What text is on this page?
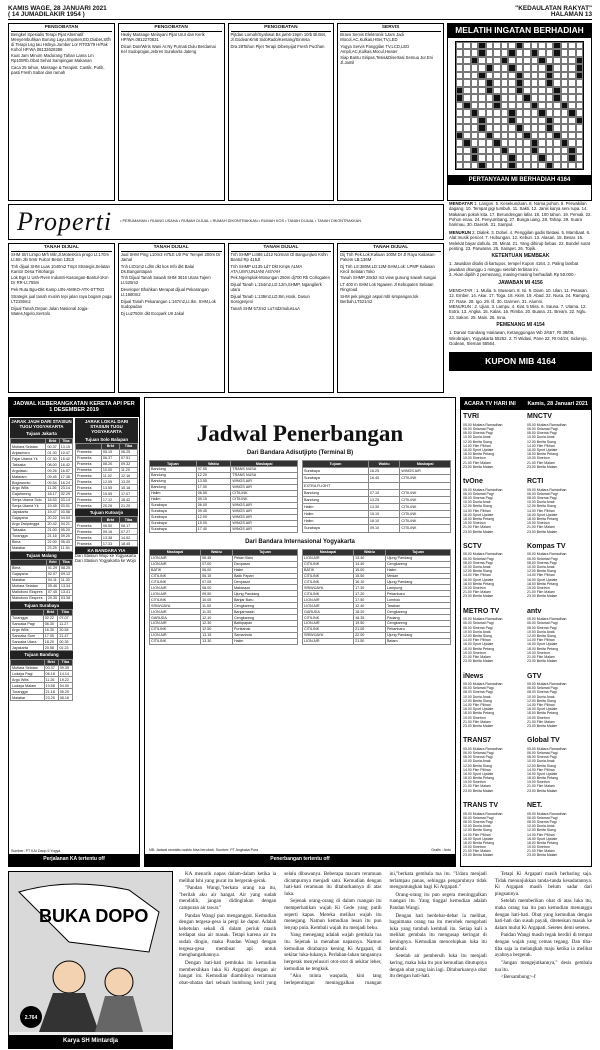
KAMIS WAGE, 28 JANUARI 2021
( 14 JUMADILAKIR 1954 )
"KEDAULATAN RAKYAT"
HALAMAN 13
PENGOBATAN

Bengkel Spesialis Terapi Pijat Alternatif Menyembuhkan Burung Layu,Impoten,ED,Diabet,Stfh di Terapi Lsg tau Hslnya.Jomber Lor RT03/79 H/Pak Kohol HP.WA 08132628286

Kuat Jam Minum Madurang Tahan Lama Lm Rp100Rb.Obat Sehat Sampingan Makanan

Caca 25 tahun, Massage & Terapist. Cantik, Putih, pasti Fresh Sabar dan ramah

PENGOBATAN

Healy Massage Melayani Pijat Urut dan Kerik HP/WA.0812270631

Dicari Dan/Wiris Wani Ar.Ny Purnati Dulu Berdamai Kel Sudoprajan,Jebres Surakarta Jateng

PENGOBATAN

Pijtdan Lomah/Syahwat Bs jam6-19pm 10rb Bl.Bss, Jl.GodeanKm8 SidoRado/Kentang/Sinmsa

Dra 28Tahun Pijet Terapi Dibenpijat Fresh Pucthan

SERVIS

Bravo Servis Elektronik 1Jam Jadi Mocol,AC,Kulkas,Htter,TV,LED

Yogya Servis Panggilan TV,LCD,LED Ampli,AC,Kulkas,Mocul,Heater

Siap Bantu Siripas,Tesis&Disertasi Semua Jur.Eni Jl.Jamil

MELATIH INGATAN BERHADIAH
PERTANYAAN MI BERHADIAH 4164
Properti	• PERUMAHAN • RUANG USAHA • RUMAH DIJUAL • RUMAH DIKONTRAKKAN • RUMAH KOS • TANAH DIJUAL • TANAH DIKONTRAKKAN
TANAH DIJUAL

SHM Strt Limpo Mrh Mlir,Jl.MotesKira progo Lt.170m Lt.8m Jln 5mtr Fulcor Beton 135Jt

Tnh dijual SHM Luas 1040m2 Tmpt Strategis,Selatan Kantor Desa Tirtohargo

Lok Bgs U Ush-Rven Industri-Kasongan-Bantul-1Km Dr RR-Lt.755m

Pek Ruta Bgu-Dkt Kamp.UIN-AMIKO-ATK-STTKD

Strategis jual tanah murah tepi jalan raya bogam puga LT2159m2

Dijual Tanah,Depan Jalan Nasional Jogja-Wates,Ngelo,Sentolo

TANAH DIJUAL

Jual SHM Ping L10m3 H75Jt Utr Psr Tempel 200m Dr Jamal

Tnh LtO1m2 Ldlm dkt kos Info dkt Balai Ds.Banguntapan

Tnh Dijual Tanah Sawah SHM 3616 Utara Tajem Lt.525m2

Developer Bhahkan Merapat dijual Pekarangan Lt.1680m2

Dijual Tanah Pekarangan L:167m2,Lt.Ikn. SHM,Lok Sudopadan

Dj Lu2750m dkt Ecopark UII Jakal

TANAH DIJUAL

Tnh SHMP LI486 Ld12 Norman Dl Bangunjiwo Kshn Bantul Rp 415Jt

Tnh SHMP Lt135 Ld7 Dkt Kmps ALMA ATA,UMY,UNJANI AISYAH

Pek.Ngemplak-Mosongan 250m dj700 Rb Colrogaten

Dijual Tanah L:154m2,LD:12m,SHMP, Ngangilerk utara

Dijual Tanah L:139m2,LD:8m,Hook, Dusun Sorogenjeni

Tanah SHM 572m2 Lu74d2mulusLuA

TANAH DIJUAL

Dij Tnh Pek.Lok:Kaliuan 100M Dr Jl Raya Kaliasan-Pakem LB:136M

Dj Tnh LS:380M,LD:12M-SHM,Lok: LPMP Kalasan Kecil Selatan Toko

Tanah SHMP 28x52 m2 view gunung sawah sungai

LT 400 m SHM Lok Ngawen Jl Kebupaten Selatan Ringroad

SHM pek pinggir aspal mbl simpangan,lok Berbah,LT521m2

MENDATAR 1. Langon. 5. Kesekunduan. 8. Nama pohon. 9. Perwakilan dagang. 10. Tempat gigi tumbuh. 11. Sakti. 12. Janis karya seni rupa. 14. Makanan pokok kita. 17. Berundengan lafar. 18. 100 tahun. 19. Pemali. 22. Pohon enau. 24. Penyumbang. 27. Bunga uang. 28. Tahap. 29. Suara harimau. 30. Daerah. 31. Sampul.

MENURUN 2. Dialek. 3. Dobel. 4. Penggilan gadis Betawi. 5. Mambaat. 6. Alat musik pencet. 7. Hubungan. 12. Kebun. 13. Alasan. 15. Besar. 16. Melekat bayar dahulu. 20. Minat. 21. Yang dihirup bebas. 22. Bundel surat penting. 23. Parwaran. 25. Sarapet. 26. Topik.

KETENTUAN MEMBEAK

1. Jawaban ditulis di kartupos, tempel Kupon 4164. 2. Paling lambat jawaban ditunggu 1 minggu setelah terbitan ini.

3. Akan dipilih 2 pemenang, masing-masing berhadiah Rp 50.000,-

JAWABAN MI 4156

MENDATAR : 1. Mulia. 5. Museum. 8. Isi. 9. Diam. 10. Ulan. 11. Petasan. 12. Ember. 14. Akar. 17. Toga. 18. Akim. 19. Abad. 22. Nusa. 24. Rampng. 27. Rase. 28. Igo. 29. Ill. 30. Garmen. 31. Alumni.

MENURUN : 2. Ujian. 3. Lampu. 4. Kiat. 5 Miss. 6. Sauna. 7. Utama. 12. Extra. 13. Angka. 15. Kalas. 16. Rimba. 20. Buana. 21. Bream. 22. Nglu. 23. Sakon. 25. Main. 26. Inna.

PEMENANG MI 4154

1. Daniar Gandang Hariawan, Ketanggungan Wb 2/657, Rt 38/08, Wirobrajan, Yogyakarta 55252. 2. Ti Widasi, Pane 22, Rt 04/24, Sidorejo, Godean, Sleman 55564.

KUPON MIB 4164
JADWAL KEBERANGKATAN KERETA API PER 1 DESEMBER 2019
JARAK JAUH DARI STASIUN TUGU YOGYAKARTA
Tujuan Jakarta
	Brkt	Tiba
Mutiara Selatan	00.37	13.15
Anjasmoro	01.30	10.47
Fajar Utama Yk	07.30	15.42
Taksaka	08.00	16.42
Argolawu	09.26	16.57
Mataram	09.45	17.38
Bogowonto	09.54	18.24
Argo Wilis	11.26	23.14
Gajahwong	18.17	02.29
Senja Utama Solo	18.53	03.14
Senja Utama Yk	19.45	03.01
Jayakarta	19.47	03.58
Gajayana	20.22	04.04
Argo Dwipangga	20.42	04.21
Taksaka	21.00	05.20
Turangga	21.16	09.20
Bima	22.00	05.43
Malabar	23.25	11.54
Tujuan Malang
	Brkt	Tiba
Bima	01.29	08.25
Gajayana	02.07	09.12
Malabar	04.11	11.30
Mutiara Selatan	05.46	13.34
Malioboro Ekspres	07.45	13.41
Malioboro Ekspres	20.35	03.38
Tujuan Surabaya
	Brkt	Tiba
Turangga	02.22	07.07
Sancaka Pagi	06.30	11.27
Argo Wilis	16.30	20.54
Sancaka Sore	17.05	21.47
Sancaka Utara	18.20	00.35
Jayakarta	20.58	02.23
Tujuan Bandung
	Brkt	Tiba
Mutiara Selatan	00.37	09.39
Lodaya Pagi	06.18	14.14
Argo Wilis	11.26	19.22
Lodaya Malam	19.58	04.00
Turangga	21.18	05.20
Malabar	23.25	08.16
JARAK LOKAL DARI STASIUN TUGU YOGYAKARTA
Tujuan Solo Balapan
	Brkt	Tiba
Prameks	05.15	06.25
Prameks	06.37	07.51
Prameks	08.20	09.32
Prameks	10.00	11.20
Prameks	11.02	12.16
Prameks	12.05	13.20
Prameks	13.55	15.18
Prameks	15.55	17.07
Prameks	17.12	18.42
Prameks	20.26	21.20
Tujuan Kutoarjo
	Brkt	Tiba
Prameks	06.50	08.17
Prameks	09.16	07.27
Prameks	13.38	14.52
Prameks	17.33	18.45
KA BANDARA YIA
Dari Stasiun Wojo ke Yogyakarta
Dari Stasiun Yogyakarta ke Wojo
Sumber: PT KAI Daop II Yogya
Perjalanan KA tertentu off
Jadwal Penerbangan
Dari Bandara Adisutjipto (Terminal B)
Tujuan	Waktu	Maskapai
Bandung	07.55	TRANS NUSA
Bandung	12.20	TRANS NUSA
Bandung	13.55	WINGS AIR
Bandung	17.00	WINGS AIR
Halim	06.55	CITILINK
Halim	09.15	CITILINK
Surabaya	06.00	WINGS AIR
Surabaya	09.45	WINGS AIR
Surabaya	12.00	WINGS AIR
Surabaya	15.00	WINGS AIR
Surabaya	17.40	WINGS AIR
Tujuan	Waktu	Maskapai
Surabaya	16.25	WINGS AIR
Surabaya	16.40	CITILINK
EXTRA FLIGHT		
Bandung	07.10	CITILINK
Bandung	13.25	CITILINK
Halim	13.30	CITILINK
Halim	15.10	CITILINK
Halim	18.10	CITILINK
Surabaya	09.10	CITILINK
Dari Bandara Internasional Yogyakarta
Maskapai	Waktu	Tujuan
LION AIR	06.45	Pekan Baru
LION AIR	07.00	Denpasar
BATIK	06.00	Halim
CITILINK	06.15	Balik Papan
CITILINK	07.05	Denpasar
LION AIR	08.00	Makassar
LION AIR	09.50	Ujung Pandang
CITILINK	10.05	Banjar Baru
SRIWIJAYA	11.00	Cengkareng
LION AIR	11.30	Banjarmasin
GARUDA	12.10	Cengkareng
LION AIR	12.30	Balikpapan
CITILINK	12.50	Pontianak
LION AIR	13.15	Samarinda
CITILINK	13.30	Halim
Maskapai	Waktu	Tujuan
LION AIR	13.40	Ujung Pandang
CITILINK	14.40	Cengkareng
BATIK	15.00	Halim
CITILINK	15.50	Medan
CITILINK	16.10	Ujung Pandang
SRIWIJAYA	17.30	Lampung
CITILINK	17.20	Pekanbaru
LION AIR	17.50	Lombok
LION AIR	12.40	Tarakan
GARUDA	18.20	Cengkareng
CITILINK	18.35	Padang
LION AIR	19.50	Cengkareng
CITILINK	21.05	Pekanbaru
SRIWIJAYA	22.00	Ujung Pandang
LION AIR	21.50	Batam
NB: Jadwal sewaktu-waktu bisa berubah. Sumber: PT Angkasa Pura	Grafis : Anto
Penerbangan tertentu off
ACARA TV HARI INI Kamis, 28 Januari 2021
TVRI
05.00 Mutiara Ramadhan
06.00 Selamat Pagi
08.00 Sinema Pagi
10.00 Dunia Anak
12.00 Berita Siang
14.00 Film Pilihan
16.00 Sport Update
18.00 Berita Petang
19.00 Sinetron
21.00 Film Malam
23.00 Berita Malam
MNCTV
05.00 Mutiara Ramadhan
06.00 Selamat Pagi
08.00 Sinema Pagi
10.00 Dunia Anak
12.00 Berita Siang
14.00 Film Pilihan
16.00 Sport Update
18.00 Berita Petang
19.00 Sinetron
21.00 Film Malam
23.00 Berita Malam
tvOne
05.00 Mutiara Ramadhan
06.00 Selamat Pagi
08.00 Sinema Pagi
10.00 Dunia Anak
12.00 Berita Siang
14.00 Film Pilihan
16.00 Sport Update
18.00 Berita Petang
19.00 Sinetron
21.00 Film Malam
23.00 Berita Malam
RCTI
05.00 Mutiara Ramadhan
06.00 Selamat Pagi
08.00 Sinema Pagi
10.00 Dunia Anak
12.00 Berita Siang
14.00 Film Pilihan
16.00 Sport Update
18.00 Berita Petang
19.00 Sinetron
21.00 Film Malam
23.00 Berita Malam
SCTV
05.00 Mutiara Ramadhan
06.00 Selamat Pagi
08.00 Sinema Pagi
10.00 Dunia Anak
12.00 Berita Siang
14.00 Film Pilihan
16.00 Sport Update
18.00 Berita Petang
19.00 Sinetron
21.00 Film Malam
23.00 Berita Malam
Kompas TV
05.00 Mutiara Ramadhan
06.00 Selamat Pagi
08.00 Sinema Pagi
10.00 Dunia Anak
12.00 Berita Siang
14.00 Film Pilihan
16.00 Sport Update
18.00 Berita Petang
19.00 Sinetron
21.00 Film Malam
23.00 Berita Malam
METRO TV
05.00 Mutiara Ramadhan
06.00 Selamat Pagi
08.00 Sinema Pagi
10.00 Dunia Anak
12.00 Berita Siang
14.00 Film Pilihan
16.00 Sport Update
18.00 Berita Petang
19.00 Sinetron
21.00 Film Malam
23.00 Berita Malam
antv
05.00 Mutiara Ramadhan
06.00 Selamat Pagi
08.00 Sinema Pagi
10.00 Dunia Anak
12.00 Berita Siang
14.00 Film Pilihan
16.00 Sport Update
18.00 Berita Petang
19.00 Sinetron
21.00 Film Malam
23.00 Berita Malam
iNews
05.00 Mutiara Ramadhan
06.00 Selamat Pagi
08.00 Sinema Pagi
10.00 Dunia Anak
12.00 Berita Siang
14.00 Film Pilihan
16.00 Sport Update
18.00 Berita Petang
19.00 Sinetron
21.00 Film Malam
23.00 Berita Malam
GTV
05.00 Mutiara Ramadhan
06.00 Selamat Pagi
08.00 Sinema Pagi
10.00 Dunia Anak
12.00 Berita Siang
14.00 Film Pilihan
16.00 Sport Update
18.00 Berita Petang
19.00 Sinetron
21.00 Film Malam
23.00 Berita Malam
TRANS7
05.00 Mutiara Ramadhan
06.00 Selamat Pagi
08.00 Sinema Pagi
10.00 Dunia Anak
12.00 Berita Siang
14.00 Film Pilihan
16.00 Sport Update
18.00 Berita Petang
19.00 Sinetron
21.00 Film Malam
23.00 Berita Malam
Global TV
05.00 Mutiara Ramadhan
06.00 Selamat Pagi
08.00 Sinema Pagi
10.00 Dunia Anak
12.00 Berita Siang
14.00 Film Pilihan
16.00 Sport Update
18.00 Berita Petang
19.00 Sinetron
21.00 Film Malam
23.00 Berita Malam
TRANS TV
05.00 Mutiara Ramadhan
06.00 Selamat Pagi
08.00 Sinema Pagi
10.00 Dunia Anak
12.00 Berita Siang
14.00 Film Pilihan
16.00 Sport Update
18.00 Berita Petang
19.00 Sinetron
21.00 Film Malam
23.00 Berita Malam
NET.
05.00 Mutiara Ramadhan
06.00 Selamat Pagi
08.00 Sinema Pagi
10.00 Dunia Anak
12.00 Berita Siang
14.00 Film Pilihan
16.00 Sport Update
18.00 Berita Petang
19.00 Sinetron
21.00 Film Malam
23.00 Berita Malam
BUKA DOPO
2.764
Karya SH Mintardja

KA menarik napas dalam-dalam ketika ia melihat Ishi yang pucat itu bergerak-gerak.

"Pandan Wangi,"berkata orang tua itu, "berilah aku air hangat. Air yang sudah mendidih, jangan didinginkan dengan campuran air tawar."

Pandan Wangi pun menganggut. Kemudian dengan tergesa-gesa ia pergi ke dapur. Adalah kebetulan sekali di dalam periuk masih terdapat sisa air masak. Tetapi karena air itu sudah dingin, maka Pandan Wangi dengan tergesa-gesa membuat api untuk menghangatkannya.

Dengan hati-hati pembuka itu kemudian membersihkan luka Ki Argapati dengan air hangat itu. Kemudian diambilnya reramuan obat-obatan dari sebuah bumbung kecil yang selalu dibawanya. Beberapa macam reramuan dicampurnya menjadi satu. Kemudian dengan hati-hati reramuan itu ditaburkannya di atas luka.

Sejenak orang-orang di dalam ruangan itu memperhatikan wajah Ki Gede yang putih seperti kapas. Mereka melihat wajah itu menegang. Namun kemudian lesan itu pun lenyap pula. Kembali wajah itu menjadi beku.

Yang menegang adalah wajah gembala tua itu. Sejenak ia menahan napasnya. Namun kemudian dirabanya kening Ki Argapati, di sekitar luka-lukanya. Perlahan-lahan tangannya bergerak menyelusuri otot-otot di sekitar leher, kemudian ke tengkuk.

"Aku minta waspada, kini tang berlepentingan meninggalkan ruangan ini,"berkata gembala tua itu. "Udara menjadi terlampau panas, sehingga pengaruhnya tidak menguntungkan bagi Ki Argapati."

Orang-orang itu pun segera meninggalkan ruangan itu. Yang tinggal kemudian adalah Pandan Wangi.

Dengan hati berdebar-debar ia melihat, bagaimana orang tua itu merobek mengobati luka yang tumbuh kembali itu. Setiap kali a melihat gembala itu mengusap keringat di keningnya. Kemudian mencelupkan luka itu kembali.

Setelah air pembersih luka itu menjadi kering, maka luka itu pun kemudian ditutupnya dengan obat yang lain lagi. Ditaburkannya obat itu dengan hati-hati.

Tetapi Ki Argapati masih berbaring saja. Tidak menunjukkan tanda-tanda kesadarannya. Ki Argapati masih belum sadar dari pingsannya.

Setelah memberikan obat di atas luka itu, maka orang tua itu pun kemudian menunggu dengan hati-hati. Obat yang kemudian dengan hati-hati dan susah payah, diteteskan masuk ke dalam mulut Ki Argapati. Setetes demi setetes.

Pandan Wangi masih tegak berdiri di tempat dengan wajah yang cemas tegang. Dan tiba-tiba saja ia melangkah maju ketika ia melihat ayahnya bergerak.

"Jangan mengejutkannya," desis gembala tua itu.

<Bersambung>-f
